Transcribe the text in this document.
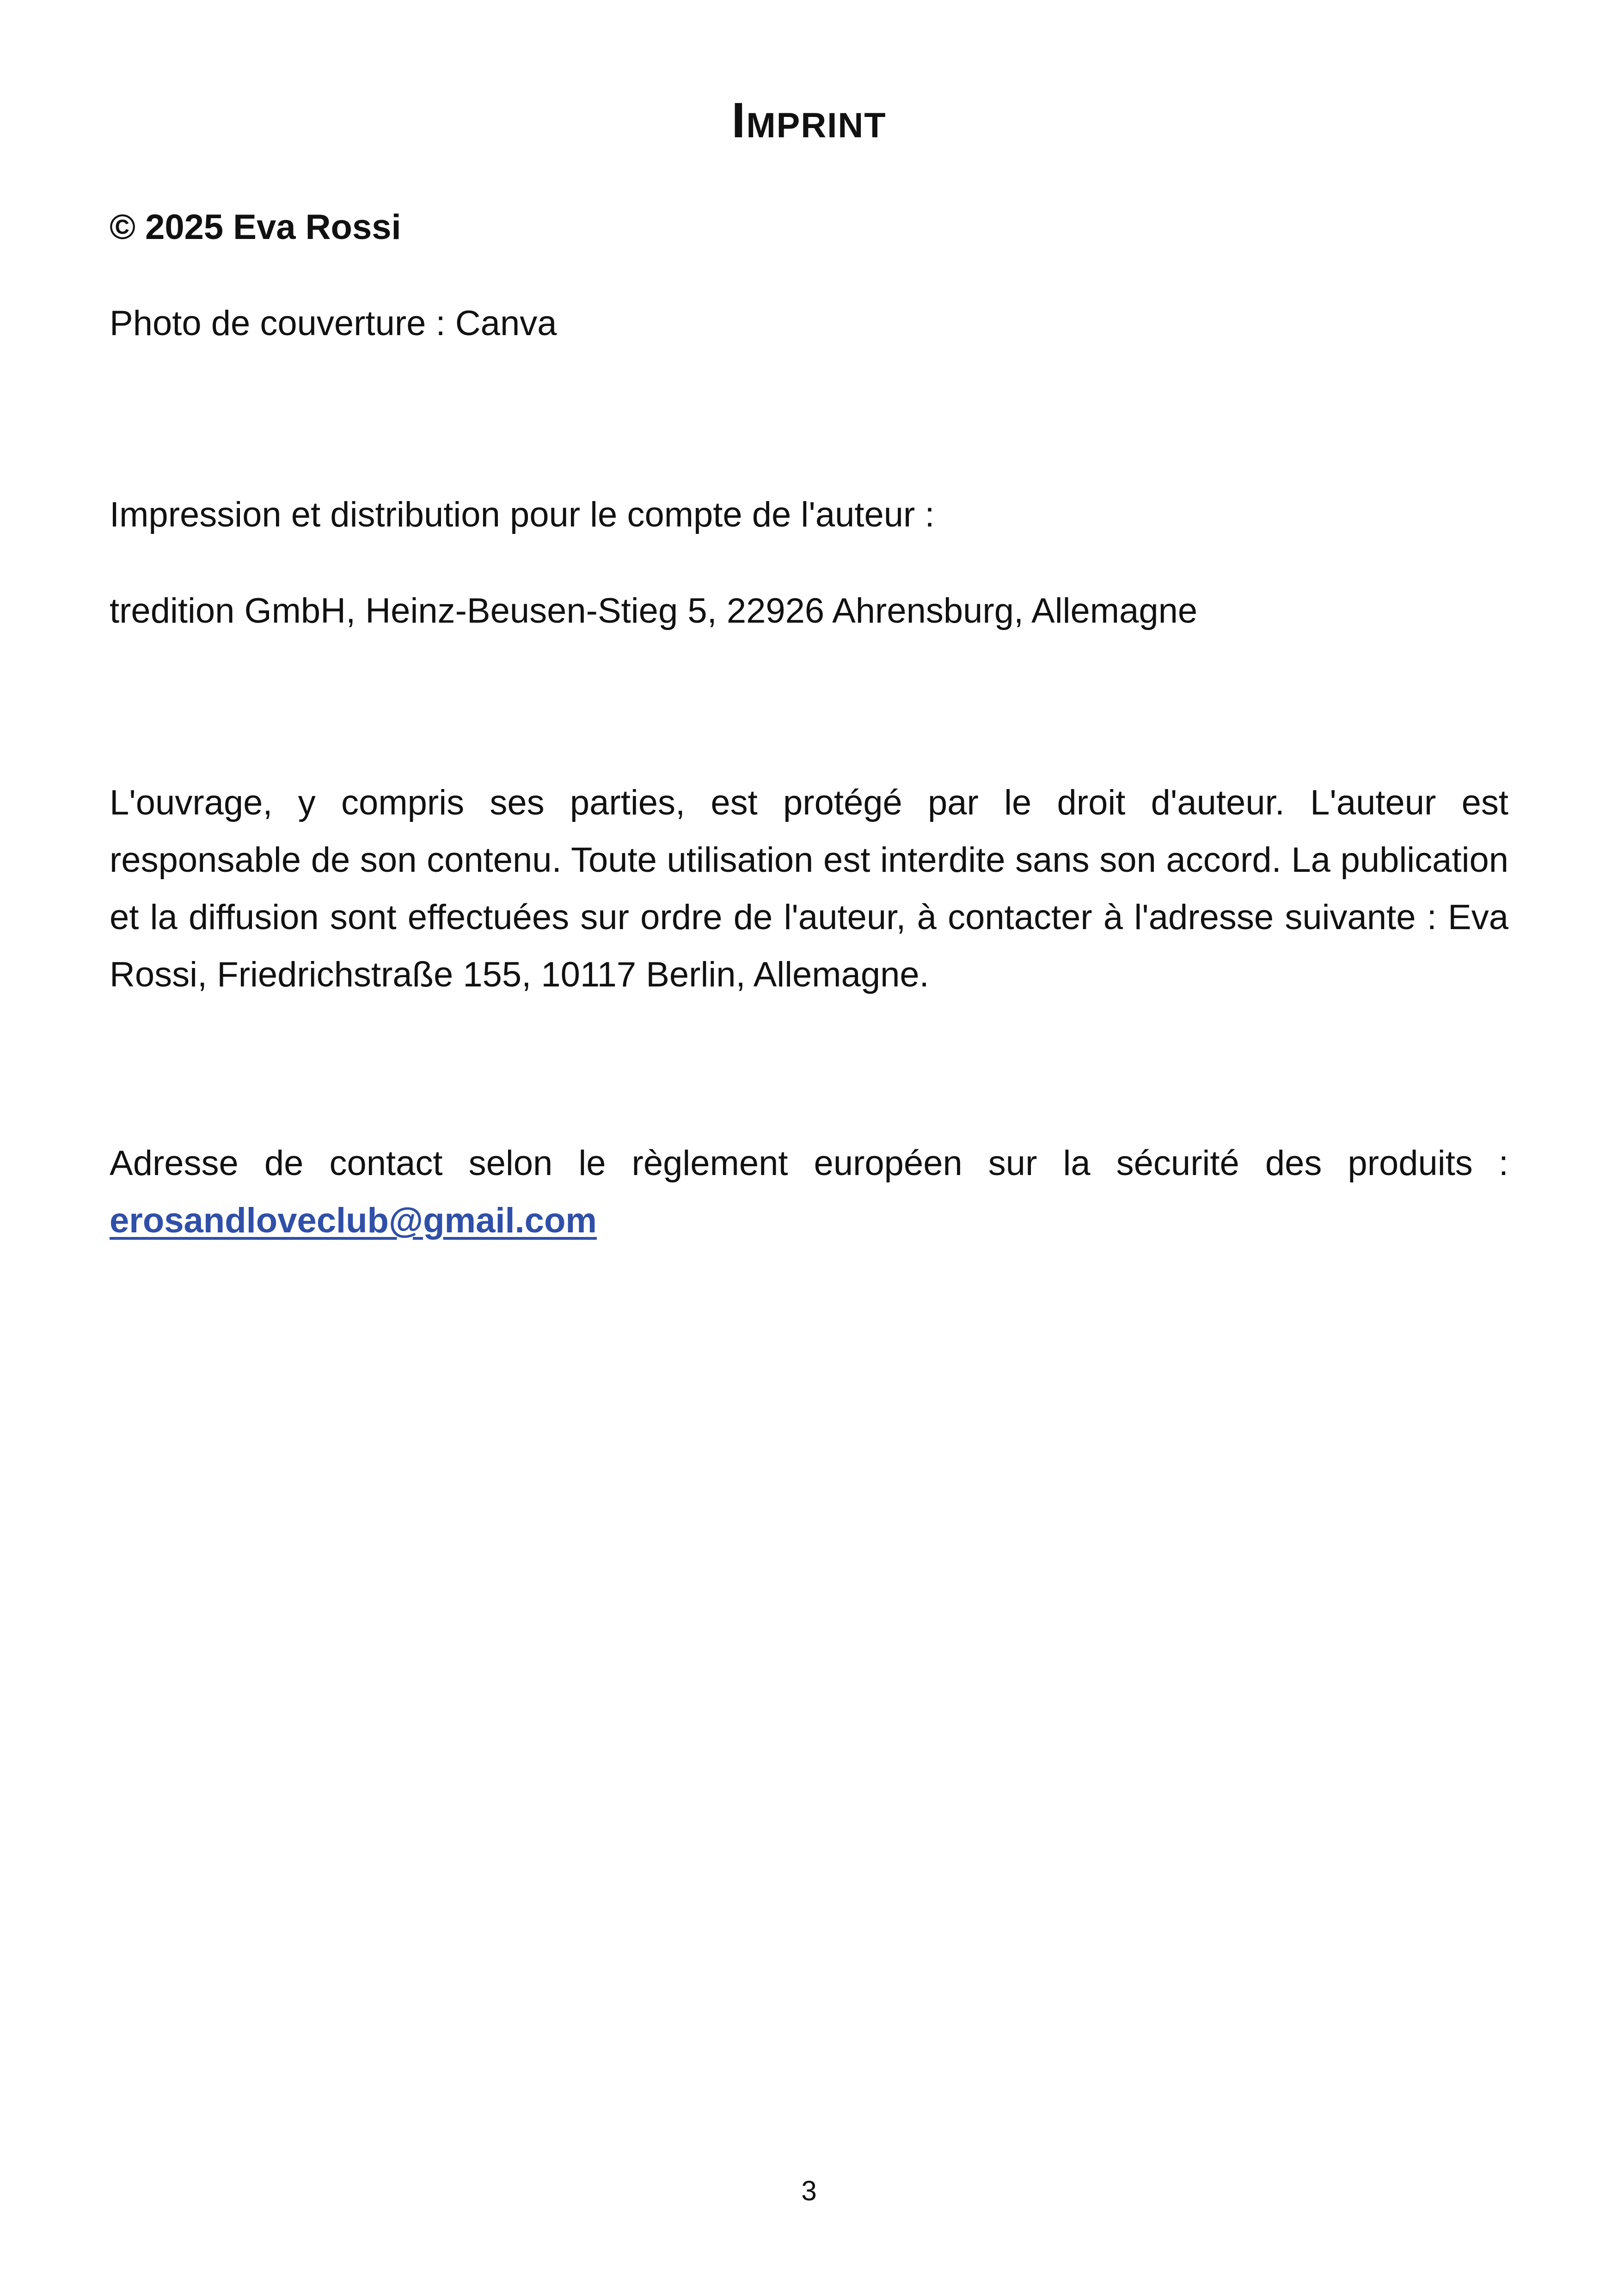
Imprint
© 2025 Eva Rossi
Photo de couverture : Canva
Impression et distribution pour le compte de l'auteur :
tredition GmbH, Heinz-Beusen-Stieg 5, 22926 Ahrensburg, Allemagne
L'ouvrage, y compris ses parties, est protégé par le droit d'auteur. L'auteur est responsable de son contenu. Toute utilisation est interdite sans son accord. La publication et la diffusion sont effectuées sur ordre de l'auteur, à contacter à l'adresse suivante : Eva Rossi, Friedrichstraße 155, 10117 Berlin, Allemagne.
Adresse de contact selon le règlement européen sur la sécurité des produits : erosandloveclub@gmail.com
3
